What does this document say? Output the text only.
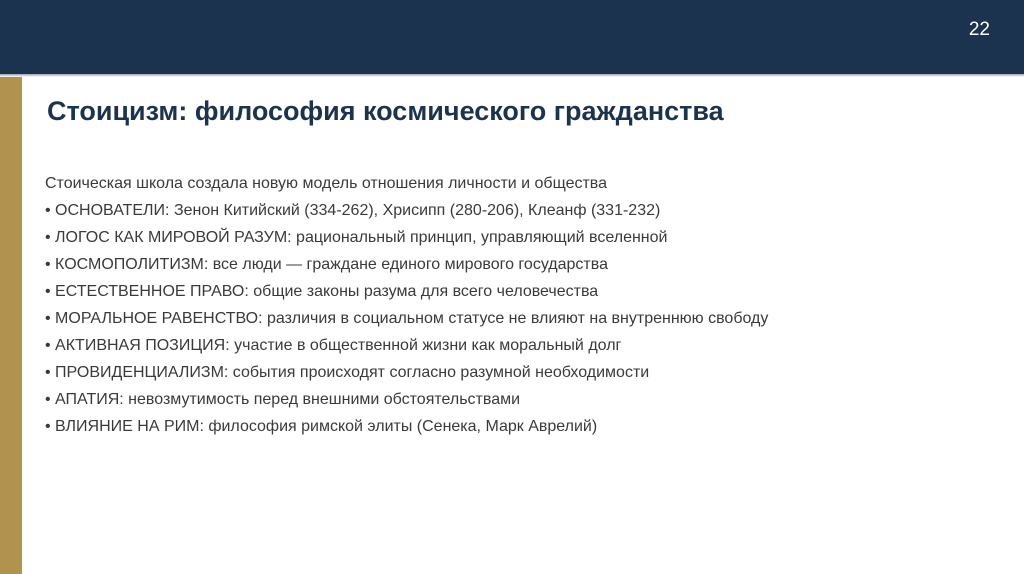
22
Стоицизм: философия космического гражданства
Стоическая школа создала новую модель отношения личности и общества
• ОСНОВАТЕЛИ: Зенон Китийский (334-262), Хрисипп (280-206), Клеанф (331-232)
• ЛОГОС КАК МИРОВОЙ РАЗУМ: рациональный принцип, управляющий вселенной
• КОСМОПОЛИТИЗМ: все люди — граждане единого мирового государства
• ЕСТЕСТВЕННОЕ ПРАВО: общие законы разума для всего человечества
• МОРАЛЬНОЕ РАВЕНСТВО: различия в социальном статусе не влияют на внутреннюю свободу
• АКТИВНАЯ ПОЗИЦИЯ: участие в общественной жизни как моральный долг
• ПРОВИДЕНЦИАЛИЗМ: события происходят согласно разумной необходимости
• АПАТИЯ: невозмутимость перед внешними обстоятельствами
• ВЛИЯНИЕ НА РИМ: философия римской элиты (Сенека, Марк Аврелий)
